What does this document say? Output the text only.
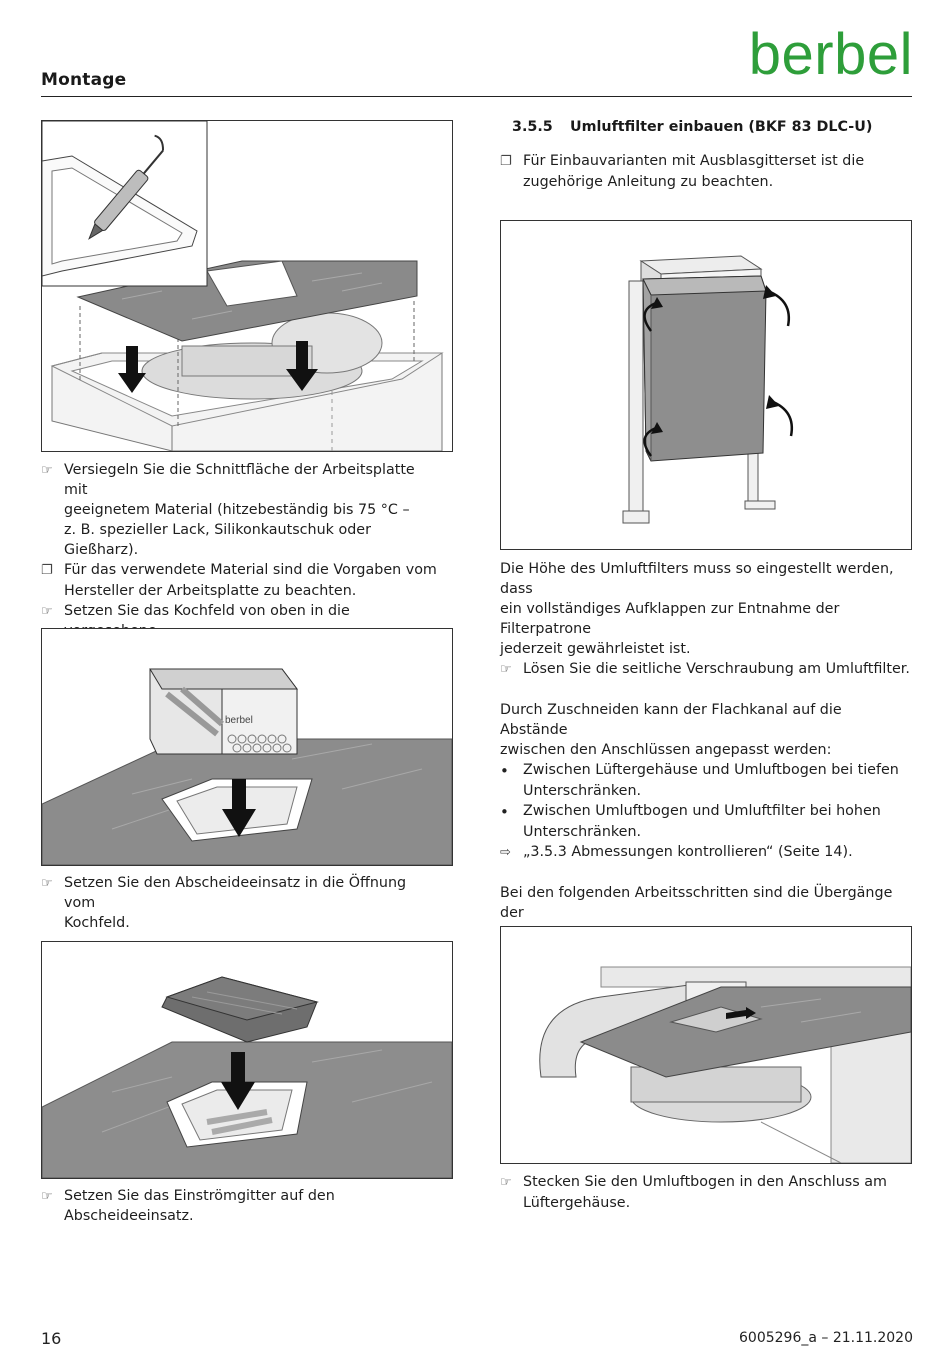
Montage	berbel
☞ Versiegeln Sie die Schnittfläche der Arbeitsplatte mit
geeignetem Material (hitzebeständig bis 75 °C –
z. B. spezieller Lack, Silikonkautschuk oder Gießharz).
❐ Für das verwendete Material sind die Vorgaben vom
Hersteller der Arbeitsplatte zu beachten.
☞ Setzen Sie das Kochfeld von oben in die
berbel
☞ Setzen Sie den Abscheideeinsatz in die Öffnung vom
Kochfeld.
☞ Setzen Sie das Einströmgitter auf den Abscheideeinsatz.
3.5.5 Umluftfilter einbauen (BKF 83 DLC-U)
❐ Für Einbauvarianten mit Ausblasgitterset ist die
zugehörige Anleitung zu beachten.
Die Höhe des Umluftfilters muss so eingestellt werden, dass
ein vollständiges Aufklappen zur Entnahme der Filterpatrone
jederzeit gewährleistet ist.
☞ Lösen Sie die seitliche Verschraubung am Umluftfilter.
Durch Zuschneiden kann der Flachkanal auf die Abstände
zwischen den Anschlüssen angepasst werden:
• Zwischen Lüftergehäuse und Umluftbogen bei tiefen
Unterschränken.
• Zwischen Umluftbogen und Umluftfilter bei hohen
Unterschränken.
⇨ „3.5.3 Abmessungen kontrollieren“ (Seite 14).
Bei den folgenden Arbeitsschritten sind die Übergänge der
☞ Stecken Sie den Umluftbogen in den Anschluss am
Lüftergehäuse.
16	6005296_a – 21.11.2020
